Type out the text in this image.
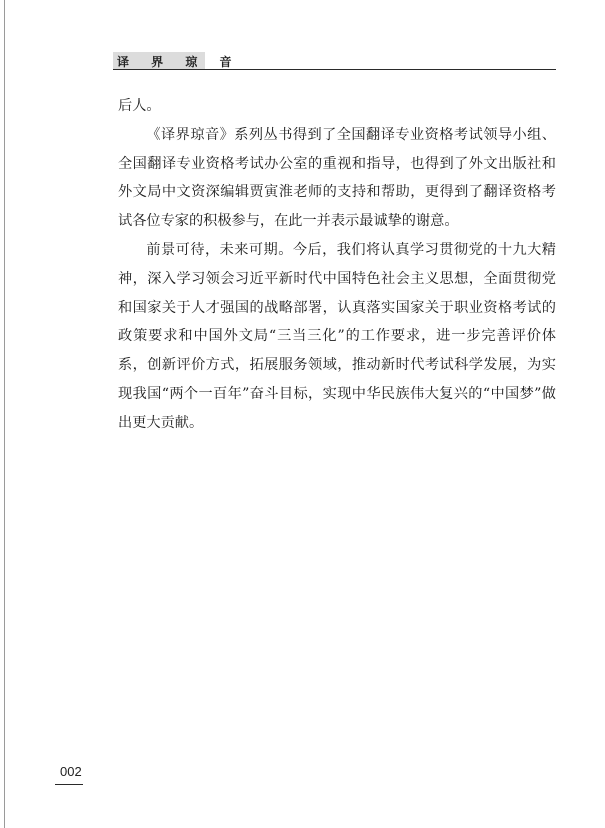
译 界 琼 音

后人。

《译界琼音》系列丛书得到了全国翻译专业资格考试领导小组、全国翻译专业资格考试办公室的重视和指导，也得到了外文出版社和外文局中文资深编辑贾寅淮老师的支持和帮助，更得到了翻译资格考试各位专家的积极参与，在此一并表示最诚挚的谢意。

前景可待，未来可期。今后，我们将认真学习贯彻党的十九大精神，深入学习领会习近平新时代中国特色社会主义思想，全面贯彻党和国家关于人才强国的战略部署，认真落实国家关于职业资格考试的政策要求和中国外文局“三当三化”的工作要求，进一步完善评价体系，创新评价方式，拓展服务领域，推动新时代考试科学发展，为实现我国“两个一百年”奋斗目标，实现中华民族伟大复兴的“中国梦”做出更大贡献。

002
